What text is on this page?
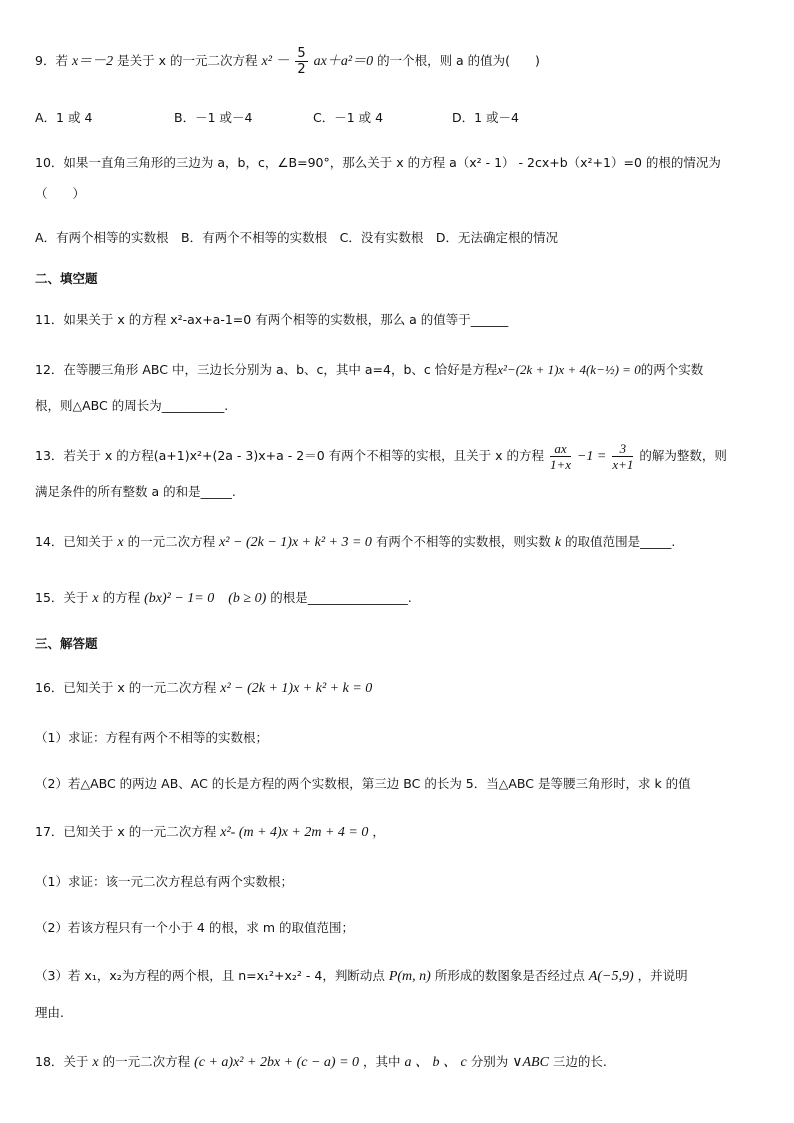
9．若 x＝－2 是关于 x 的一元二次方程 $x^2 - \frac{5}{2} ax+a^2=0$ 的一个根，则 a 的值为(　　)
A．1 或 4	B．－1 或－4	C．－1 或 4	D．1 或－4
10．如果一直角三角形的三边为 a，b，c，∠B=90°，那么关于 x 的方程 a（x² - 1） - 2cx+b（x²+1）=0 的根的情况为
（　　）
A．有两个相等的实数根　B．有两个不相等的实数根　C．没有实数根　D．无法确定根的情况
二、填空题
11．如果关于 x 的方程 x²-ax+a-1=0 有两个相等的实数根，那么 a 的值等于______
12．在等腰三角形 ABC 中，三边长分别为 a、b、c，其中 a=4，b、c 恰好是方程x²−(2k + 1)x + 4(k−½) = 0的两个实数
根，则△ABC 的周长为__________.
13．若关于 x 的方程(a+1)x²+(2a - 3)x+a - 2＝0 有两个不相等的实根，且关于 x 的方程 $\frac{ax}{1+x} -1 = \frac{3}{x+1}$ 的解为整数，则
满足条件的所有整数 a 的和是_____.
14．已知关于 x 的一元二次方程 x² − (2k − 1)x + k² + 3 = 0 有两个不相等的实数根，则实数 k 的取值范围是_____.
15．关于 x 的方程 (bx)² − 1= 0　(b ≥ 0) 的根是________________.
三、解答题
16．已知关于 x 的一元二次方程 x² − (2k + 1)x + k² + k = 0
（1）求证：方程有两个不相等的实数根；
（2）若△ABC 的两边 AB、AC 的长是方程的两个实数根，第三边 BC 的长为 5．当△ABC 是等腰三角形时，求 k 的值
17．已知关于 x 的一元二次方程 x²- (m + 4)x + 2m + 4 = 0 ，
（1）求证：该一元二次方程总有两个实数根；
（2）若该方程只有一个小于 4 的根，求 m 的取值范围；
（3）若 x₁，x₂为方程的两个根，且 n=x₁²+x₂² - 4，判断动点 P(m, n) 所形成的数图象是否经过点 A(−5,9) ，并说明
理由.
18．关于 x 的一元二次方程 (c + a)x² + 2bx + (c − a) = 0 ，其中 a 、 b 、 c 分别为 ∨ABC 三边的长.
